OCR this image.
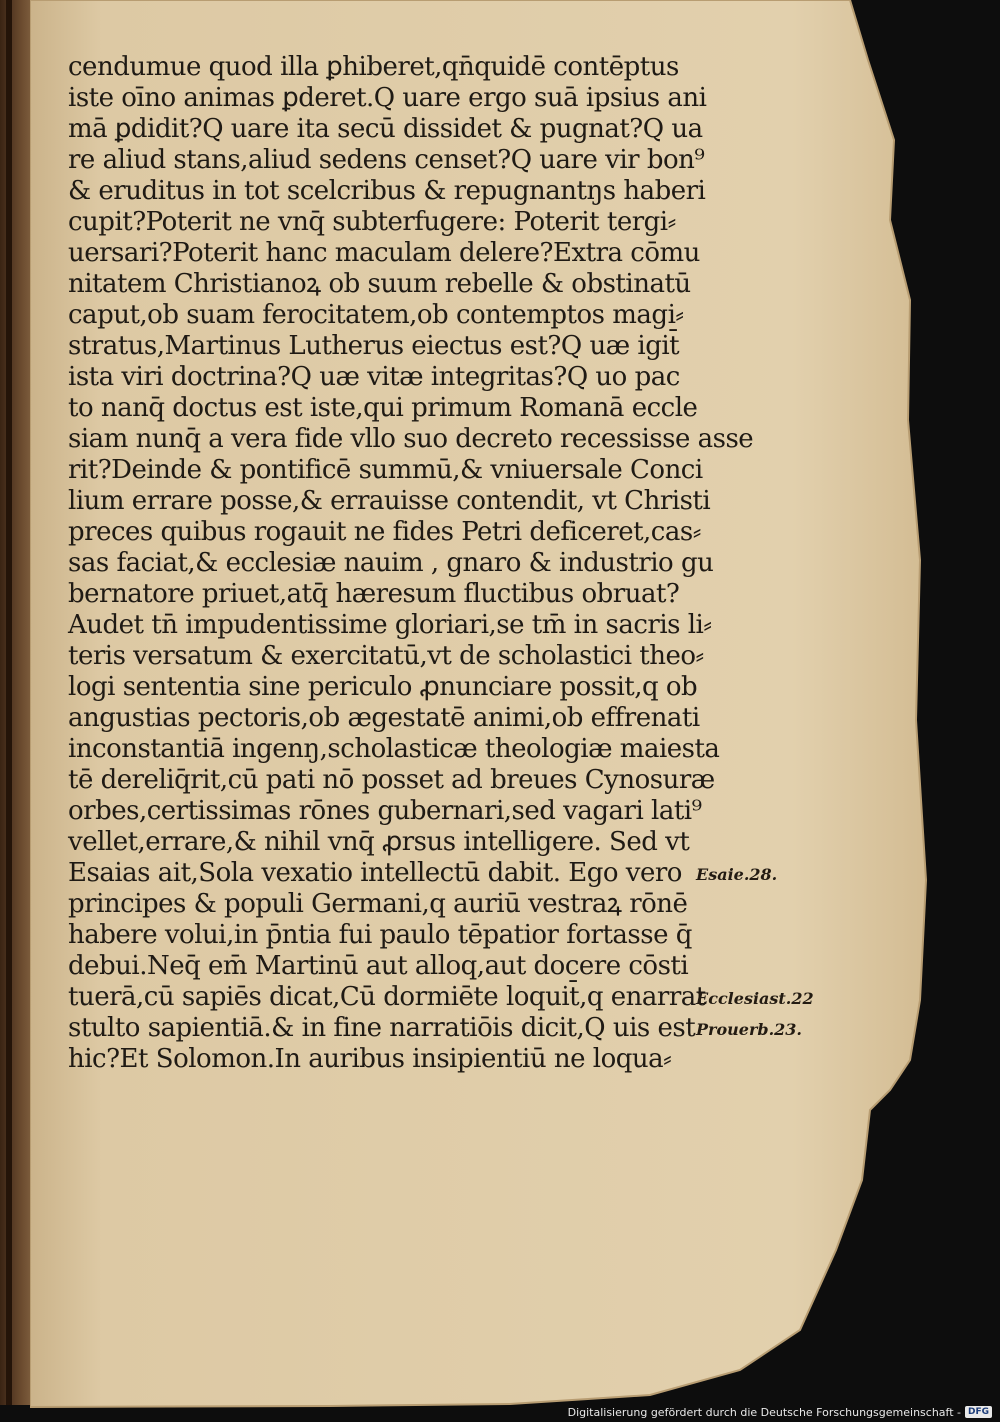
cendumue quod illa ꝑhiberet,qn̄quidē contēptus
iste oīno animas ꝑderet.Q uare ergo suā ipsius ani
mā ꝑdidit?Q uare ita secū dissidet & pugnat?Q ua
re aliud stans,aliud sedens censet?Q uare vir bon⁹
& eruditus in tot scelcribus & repugnantŋs haberi
cupit?Poterit ne vnq̄ subterfugere: Poterit tergi⸗
uersari?Poterit hanc maculam delere?Extra cōmu
nitatem Christianoꝝ ob suum rebelle & obstinatū
caput,ob suam ferocitatem,ob contemptos magi⸗
stratus,Martinus Lutherus eiectus est?Q uæ igit̄
ista viri doctrina?Q uæ vitæ integritas?Q uo pac
to nanq̄ doctus est iste,qui primum Romanā eccle
siam nunq̄ a vera fide vllo suo decreto recessisse asse
rit?Deinde & pontificē summū,& vniuersale Conci
lium errare posse,& errauisse contendit, vt Christi
preces quibus rogauit ne fides Petri deficeret,cas⸗
sas faciat,& ecclesiæ nauim , gnaro & industrio gu
bernatore priuet,atq̄ hæresum fluctibus obruat?
Audet tn̄ impudentissime gloriari,se tm̄ in sacris li⸗
teris versatum & exercitatū,vt de scholastici theo⸗
logi sententia sine periculo ꝓnunciare possit,q ob
angustias pectoris,ob ægestatē animi,ob effrenati
inconstantiā ingenŋ,scholasticæ theologiæ maiesta
tē dereliq̄rit,cū pati nō posset ad breues Cynosuræ
orbes,certissimas rōnes gubernari,sed vagari lati⁹
vellet,errare,& nihil vnq̄ ꝓrsus intelligere. Sed vt
Esaias ait,Sola vexatio intellectū dabit. Ego vero
principes & populi Germani,q auriū vestraꝝ rōnē
habere volui,in p̄ntia fui paulo tēpatior fortasse q̄
debui.Neq̄ em̄ Martinū aut alloq,aut docere cōsti
tuerā,cū sapiēs dicat,Cū dormiēte loquit̄,q enarrat
stulto sapientiā.& in fine narratiōis dicit,Q uis est
hic?Et Solomon.In auribus insipientiū ne loqua⸗
Esaie.28.
Ecclesiast.22
Prouerb.23.
Digitalisierung gefördert durch die Deutsche Forschungsgemeinschaft - DFG
